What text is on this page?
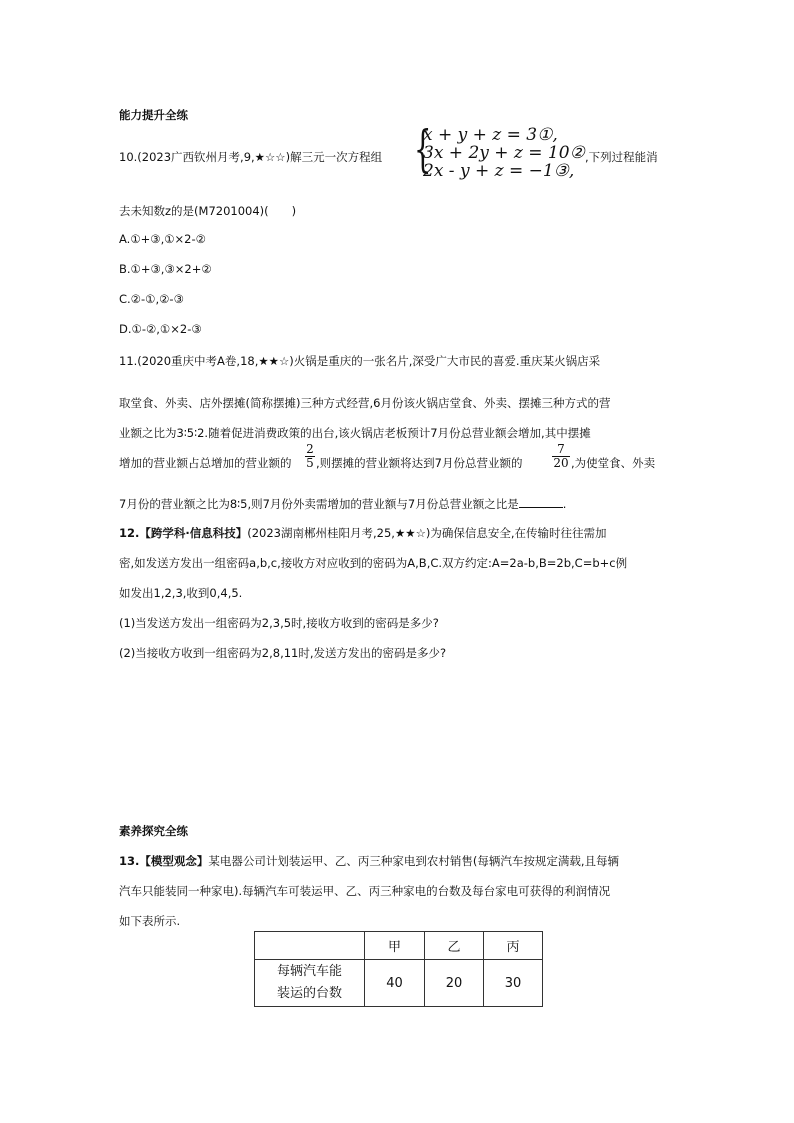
能力提升全练
10.(2023广西钦州月考,9,★☆☆)解三元一次方程组 {
x + y + z = 3①,
3x + 2y + z = 10②
2x - y + z = −1③,
,下列过程能消
去未知数z的是(M7201004)(　　)
A.①+③,①×2-②
B.①+③,③×2+②
C.②-①,②-③
D.①-②,①×2-③
11.(2020重庆中考A卷,18,★★☆)火锅是重庆的一张名片,深受广大市民的喜爱.重庆某火锅店采
取堂食、外卖、店外摆摊(简称摆摊)三种方式经营,6月份该火锅店堂食、外卖、摆摊三种方式的营
业额之比为3∶5∶2.随着促进消费政策的出台,该火锅店老板预计7月份总营业额会增加,其中摆摊
增加的营业额占总增加的营业额的
2
5 ,则摆摊的营业额将达到7月份总营业额的
7
20 ,为使堂食、外卖
7月份的营业额之比为8∶5,则7月份外卖需增加的营业额与7月份总营业额之比是	.
12.【跨学科·信息科技】(2023湖南郴州桂阳月考,25,★★☆)为确保信息安全,在传输时往往需加
密,如发送方发出一组密码a,b,c,接收方对应收到的密码为A,B,C.双方约定:A=2a-b,B=2b,C=b+c例
如发出1,2,3,收到0,4,5.
(1)当发送方发出一组密码为2,3,5时,接收方收到的密码是多少?
(2)当接收方收到一组密码为2,8,11时,发送方发出的密码是多少?
素养探究全练
13.【模型观念】某电器公司计划装运甲、乙、丙三种家电到农村销售(每辆汽车按规定满载,且每辆
汽车只能装同一种家电).每辆汽车可装运甲、乙、丙三种家电的台数及每台家电可获得的利润情况
如下表所示.
	甲	乙	丙

每辆汽车能
装运的台数	40	20	30
